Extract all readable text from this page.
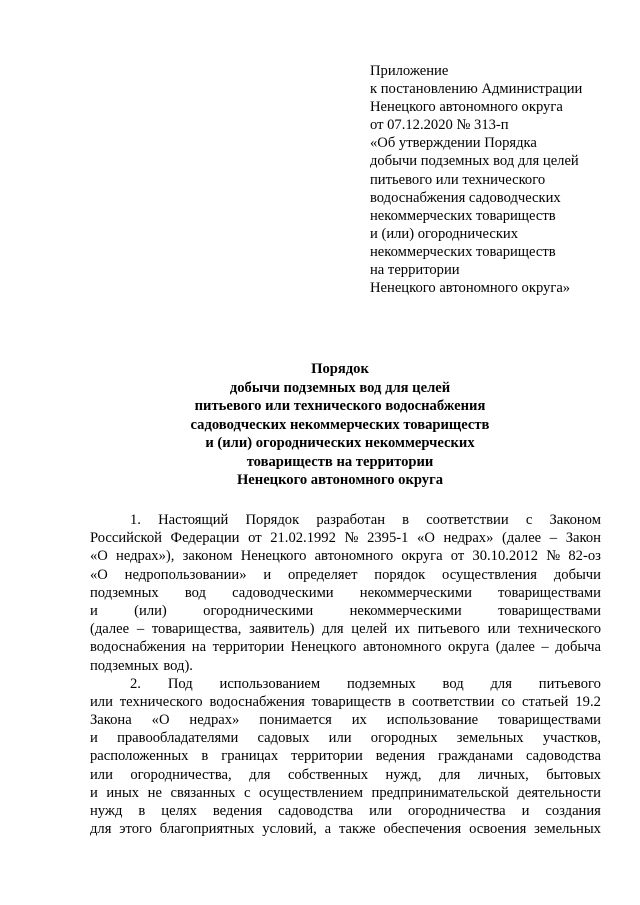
Приложение
к постановлению Администрации
Ненецкого автономного округа
от 07.12.2020 № 313-п
«Об утверждении Порядка
добычи подземных вод для целей
питьевого или технического
водоснабжения садоводческих
некоммерческих товариществ
и (или) огороднических
некоммерческих товариществ
на территории
Ненецкого автономного округа»
Порядок
добычи подземных вод для целей
питьевого или технического водоснабжения
садоводческих некоммерческих товариществ
и (или) огороднических некоммерческих
товариществ на территории
Ненецкого автономного округа
1. Настоящий Порядок разработан в соответствии с Законом
Российской Федерации от 21.02.1992 № 2395-1 «О недрах» (далее – Закон
«О недрах»), законом Ненецкого автономного округа от 30.10.2012 № 82-оз
«О недропользовании» и определяет порядок осуществления добычи
подземных вод садоводческими некоммерческими товариществами
и (или) огородническими некоммерческими товариществами
(далее – товарищества, заявитель) для целей их питьевого или технического
водоснабжения на территории Ненецкого автономного округа (далее – добыча
подземных вод).
2. Под использованием подземных вод для питьевого
или технического водоснабжения товариществ в соответствии со статьей 19.2
Закона «О недрах» понимается их использование товариществами
и правообладателями садовых или огородных земельных участков,
расположенных в границах территории ведения гражданами садоводства
или огородничества, для собственных нужд, для личных, бытовых
и иных не связанных с осуществлением предпринимательской деятельности
нужд в целях ведения садоводства или огородничества и создания
для этого благоприятных условий, а также обеспечения освоения земельных
